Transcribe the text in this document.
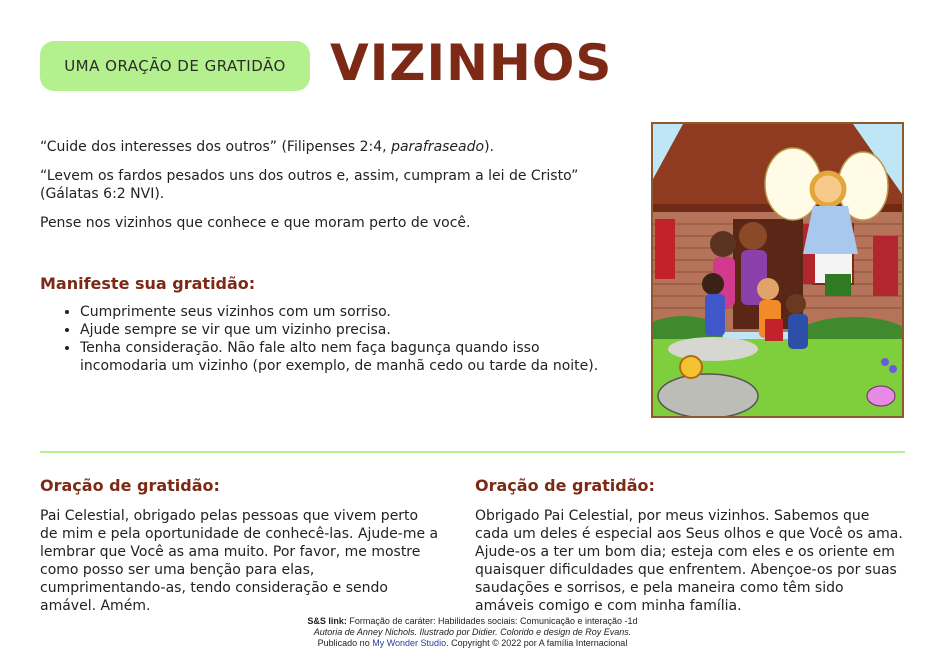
UMA ORAÇÃO DE GRATIDÃO VIZINHOS

“Cuide dos interesses dos outros” (Filipenses 2:4, parafraseado).

“Levem os fardos pesados uns dos outros e, assim, cumpram a lei de Cristo” (Gálatas 6:2 NVI).

Pense nos vizinhos que conhece e que moram perto de você.

Manifeste sua gratidão:
• Cumprimente seus vizinhos com um sorriso.
• Ajude sempre se vir que um vizinho precisa.
• Tenha consideração. Não fale alto nem faça bagunça quando isso incomodaria um vizinho (por exemplo, de manhã cedo ou tarde da noite).
Oração de gratidão:

Pai Celestial, obrigado pelas pessoas que vivem perto de mim e pela oportunidade de conhecê-las. Ajude-me a lembrar que Você as ama muito. Por favor, me mostre como posso ser uma benção para elas, cumprimentando-as, tendo consideração e sendo amável. Amém.

Oração de gratidão:

Obrigado Pai Celestial, por meus vizinhos. Sabemos que cada um deles é especial aos Seus olhos e que Você os ama. Ajude-os a ter um bom dia; esteja com eles e os oriente em quaisquer dificuldades que enfrentem. Abençoe-os por suas saudações e sorrisos, e pela maneira como têm sido amáveis comigo e com minha família.

S&S link: Formação de caráter: Habilidades sociais: Comunicação e interação -1d
Autoria de Anney Nichols. Ilustrado por Didier. Colorido e design de Roy Evans.
Publicado no My Wonder Studio. Copyright © 2022 por A família Internacional
